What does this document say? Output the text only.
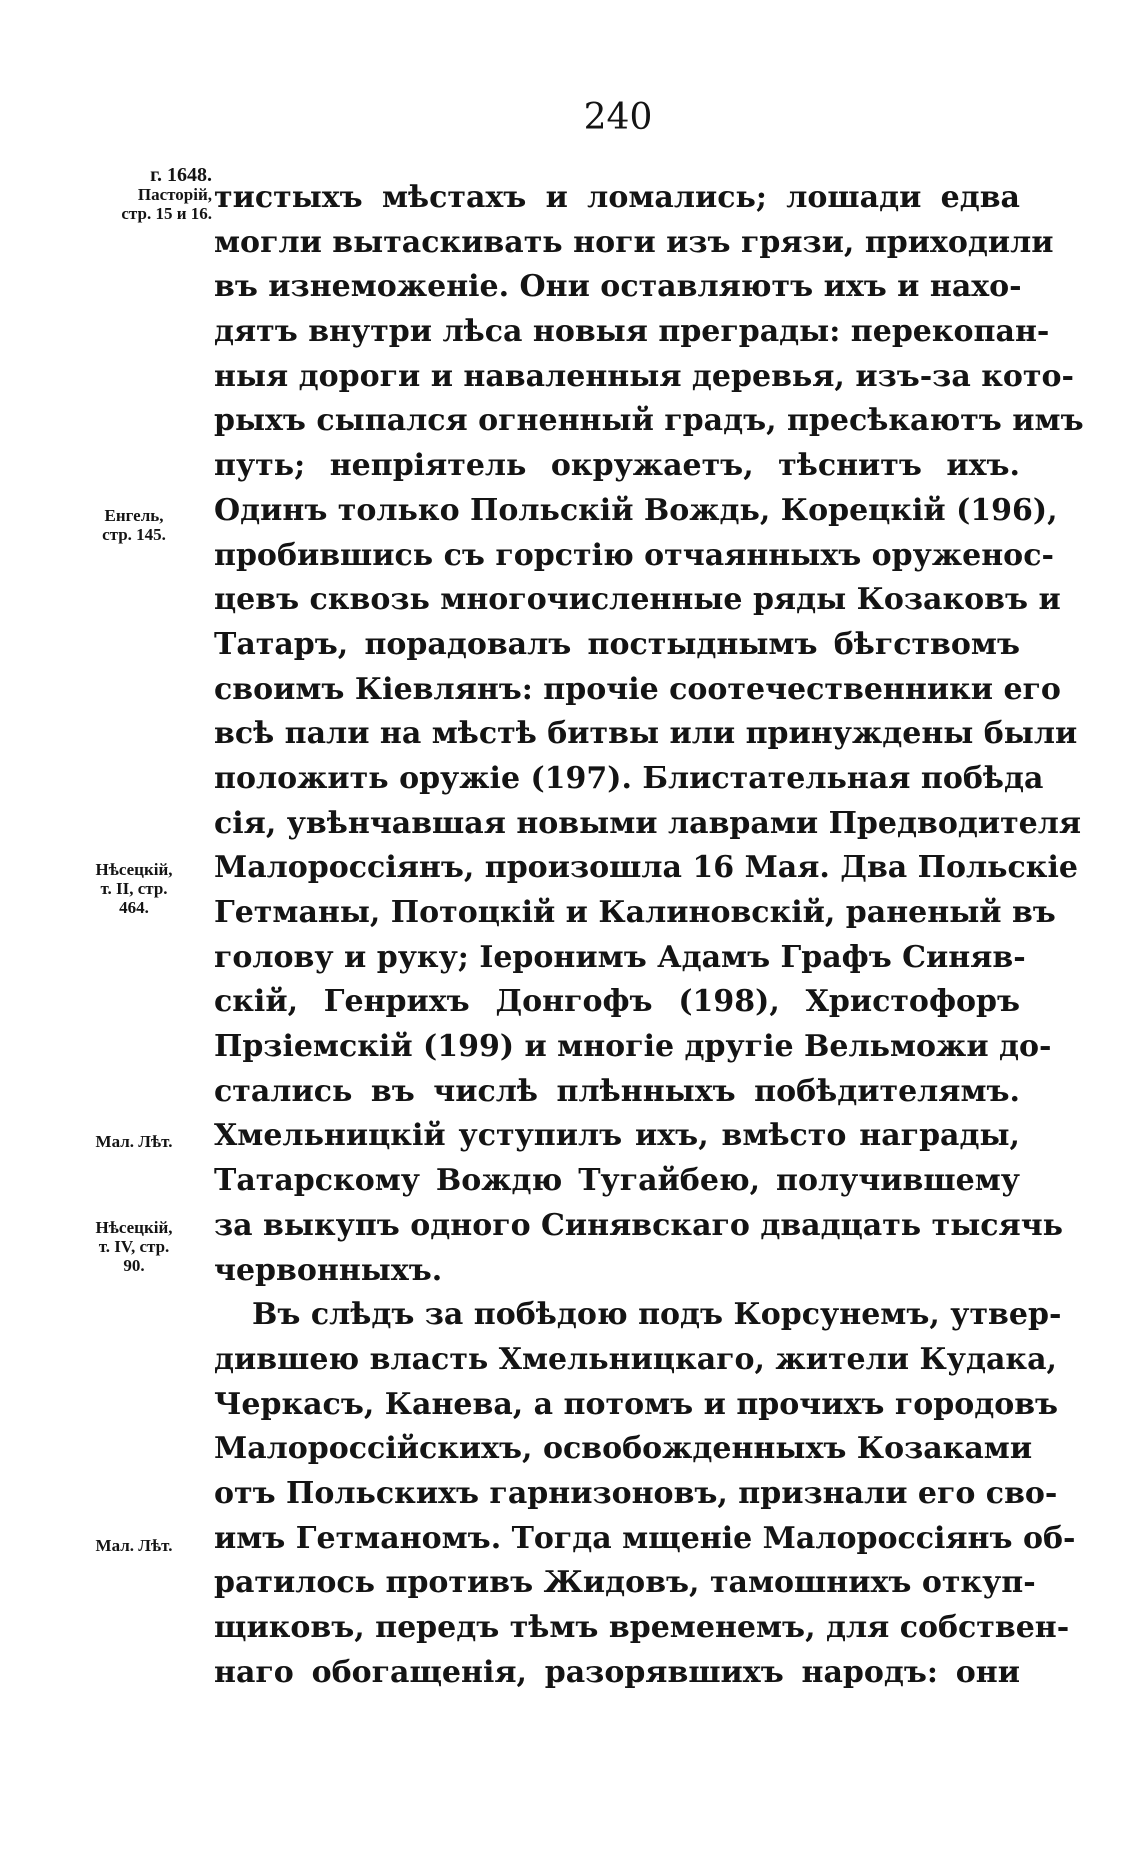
240
г. 1648.
Пасторій,
стр. 15 и 16.
Енгель,
стр. 145.
Нѣсецкій,
т. II, стр.
464.
Мал. Лѣт.
Нѣсецкій,
т. IV, стр.
90.
Мал. Лѣт.
тистыхъ мѣстахъ и ломались; лошади едва
могли вытаскивать ноги изъ грязи, приходили
въ изнеможеніе. Они оставляютъ ихъ и нахо-
дятъ внутри лѣса новыя преграды: перекопан-
ныя дороги и наваленныя деревья, изъ-за кото-
рыхъ сыпался огненный градъ, пресѣкаютъ имъ
путь; непріятель окружаетъ, тѣснитъ ихъ.
Одинъ только Польскій Вождь, Корецкій (196),
пробившись съ горстію отчаянныхъ оруженос-
цевъ сквозь многочисленные ряды Козаковъ и
Татаръ, порадовалъ постыднымъ бѣгствомъ
своимъ Кіевлянъ: прочіе соотечественники его
всѣ пали на мѣстѣ битвы или принуждены были
положить оружіе (197). Блистательная побѣда
сія, увѣнчавшая новыми лаврами Предводителя
Малороссіянъ, произошла 16 Мая. Два Польскіе
Гетманы, Потоцкій и Калиновскій, раненый въ
голову и руку; Іеронимъ Адамъ Графъ Синяв-
скій, Генрихъ Донгофъ (198), Христофоръ
Прзіемскій (199) и многіе другіе Вельможи до-
стались въ числѣ плѣнныхъ побѣдителямъ.
Хмельницкій уступилъ ихъ, вмѣсто награды,
Татарскому Вождю Тугайбею, получившему
за выкупъ одного Синявскаго двадцать тысячь
червонныхъ.
Въ слѣдъ за побѣдою подъ Корсунемъ, утвер-
дившею власть Хмельницкаго, жители Кудака,
Черкасъ, Канева, а потомъ и прочихъ городовъ
Малороссійскихъ, освобожденныхъ Козаками
отъ Польскихъ гарнизоновъ, признали его сво-
имъ Гетманомъ. Тогда мщеніе Малороссіянъ об-
ратилось противъ Жидовъ, тамошнихъ откуп-
щиковъ, передъ тѣмъ временемъ, для собствен-
наго обогащенія, разорявшихъ народъ: они
